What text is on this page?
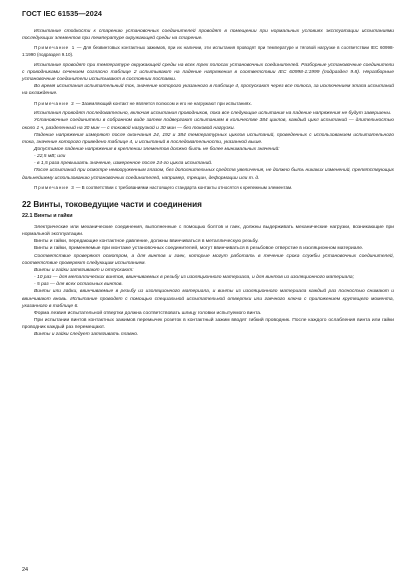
ГОСТ IEC 61535—2024

Испытание стойкости к старению установочных соединителей проводят в помещении при нормальных условиях эксплуатации испытаниями последующих элементов при температуре окружающей среды на старение.

Примечание 1 — Для безвинтовых контактных зажимов, при их наличии, эти испытания проводят при температуре и тяговой нагрузке в соответствии IEC 60998-1:1990 (подраздел 9.10).

Испытание проводят при температуре окружающей среды на всех трех полосах установочных соединителей. Разборные установочные соединители с проводниками сечением согласно таблице 2 испытывают на падение напряжения в соответствии IEC 60998-1:1999 (подраздел 9.8). Неразборные установочные соединители испытывают в состоянии поставки.

Во время испытания испытательный ток, значение которого указанного в таблице 4, пропускают через все полюса, за исключением этапа испытаний на охлаждение.

Примечание 2 — Заземляющий контакт не является полюсом и его не нагружают при испытаниях.

Испытания проводят последовательно, включая испытания проводников, пока все следующие испытания на падение напряжения не будут завершены.

Установочные соединители в собранном виде затем подвергают испытаниям в количестве 384 циклов, каждый цикл испытаний — длительностью около 1 ч, разделенный на 30 мин — с токовой нагрузкой и 30 мин — без токовой нагрузки.

Падение напряжения измеряют после окончания 24, 192 и 384 температурных циклов испытаний, проведенных с использованием испытательного тока, значение которого приведено таблице 4, и испытаний в последовательности, указанной выше.

Допустимое падение напряжения в креплении элементов должно быть не более минимальных значений:

- 22,5 мВ; или

- в 1,5 раза превышать значение, измеренное после 24-го цикла испытаний.

После испытаний при осмотре невооруженным глазом, без дополнительных средств увеличения, не должно быть никаких изменений, препятствующих дальнейшему использованию установочных соединителей, например, трещин, деформации или т. д.

Примечание 3 — В соответствии с требованиями настоящего стандарта контакты относятся к крепежным элементам.

22 Винты, токоведущие части и соединения

22.1 Винты и гайки

Электрические или механические соединения, выполненные с помощью болтов и гаек, должны выдерживать механические нагрузки, возникающие при нормальной эксплуатации.

Винты и гайки, передающие контактное давление, должны ввинчиваться в металлическую резьбу.

Винты и гайки, применяемые при монтаже установочных соединителей, могут ввинчиваться в резьбовое отверстие в изоляционном материале.

Соответствие проверяют осмотром, а для винтов и гаек, которые могут работать в течение срока службы установочных соединителей, соответствие проверяют следующим испытанием.

Винты и гайки затягивают и отпускают:

- 10 раз — для металлических винтов, ввинчиваемых в резьбу из изоляционного материала, и для винтов из изоляционного материала;

- 5 раз — для всех остальных винтов.

Винты или гайки, ввинчиваемые в резьбу из изоляционного материала, и винты из изоляционного материала каждый раз полностью снимают и ввинчивают вновь. Испытание проводят с помощью специальной испытательной отвертки или гаечного ключа с приложением крутящего момента, указанного в таблице 6.

Форма лезвия испытательной отвертки должна соответствовать шлицу головки испытуемого винта.

При испытании винтов контактных зажимов перемычек розеток в контактный зажим вводят гибкий проводник. После каждого ослабления винта или гайки проводник каждый раз перемещают.

Винты и гайки следует затягивать плавно.

24
